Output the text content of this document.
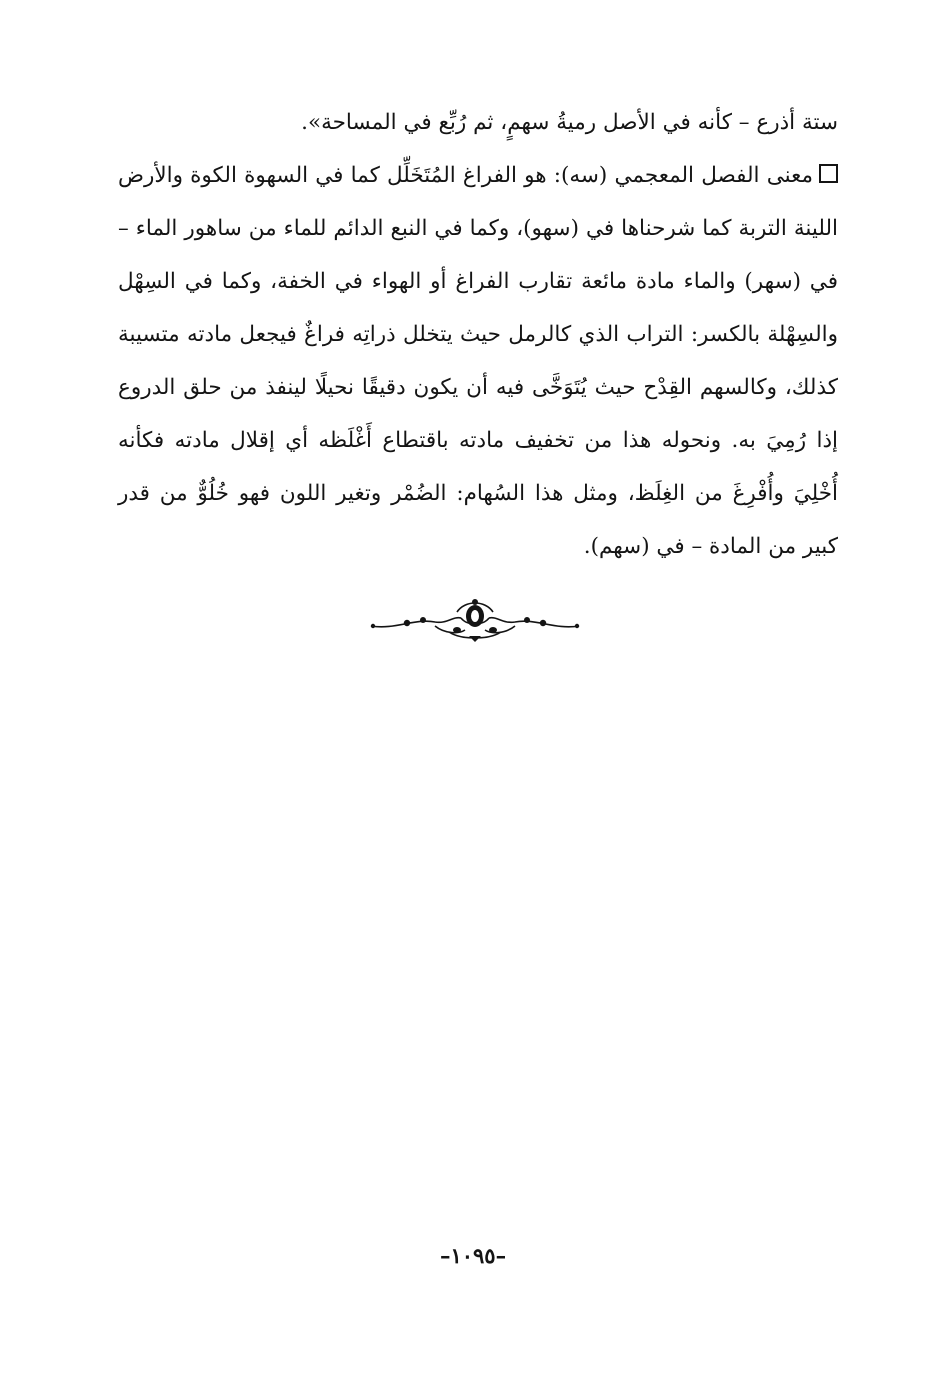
ستة أذرع – كأنه في الأصل رميةُ سهمٍ، ثم رُبِّع في المساحة».

معنى الفصل المعجمي (سه): هو الفراغ المُتَخَلِّل كما في السهوة الكوة والأرض اللينة التربة كما شرحناها في (سهو)، وكما في النبع الدائم للماء من ساهور الماء – في (سهر) والماء مادة مائعة تقارب الفراغ أو الهواء في الخفة، وكما في السِهْل والسِهْلة بالكسر: التراب الذي كالرمل حيث يتخلل ذراتِه فراغٌ فيجعل مادته متسيبة كذلك، وكالسهم القِدْح حيث يُتَوَخَّى فيه أن يكون دقيقًا نحيلًا لينفذ من حلق الدروع إذا رُمِيَ به. ونحوله هذا من تخفيف مادته باقتطاع أَغْلَظه أي إقلال مادته فكأنه أُخْلِيَ وأُفْرِغَ من الغِلَظ، ومثل هذا السُهام: الضُمْر وتغير اللون فهو خُلُوٌّ من قدر كبير من المادة – في (سهم).

–١٠٩٥–
